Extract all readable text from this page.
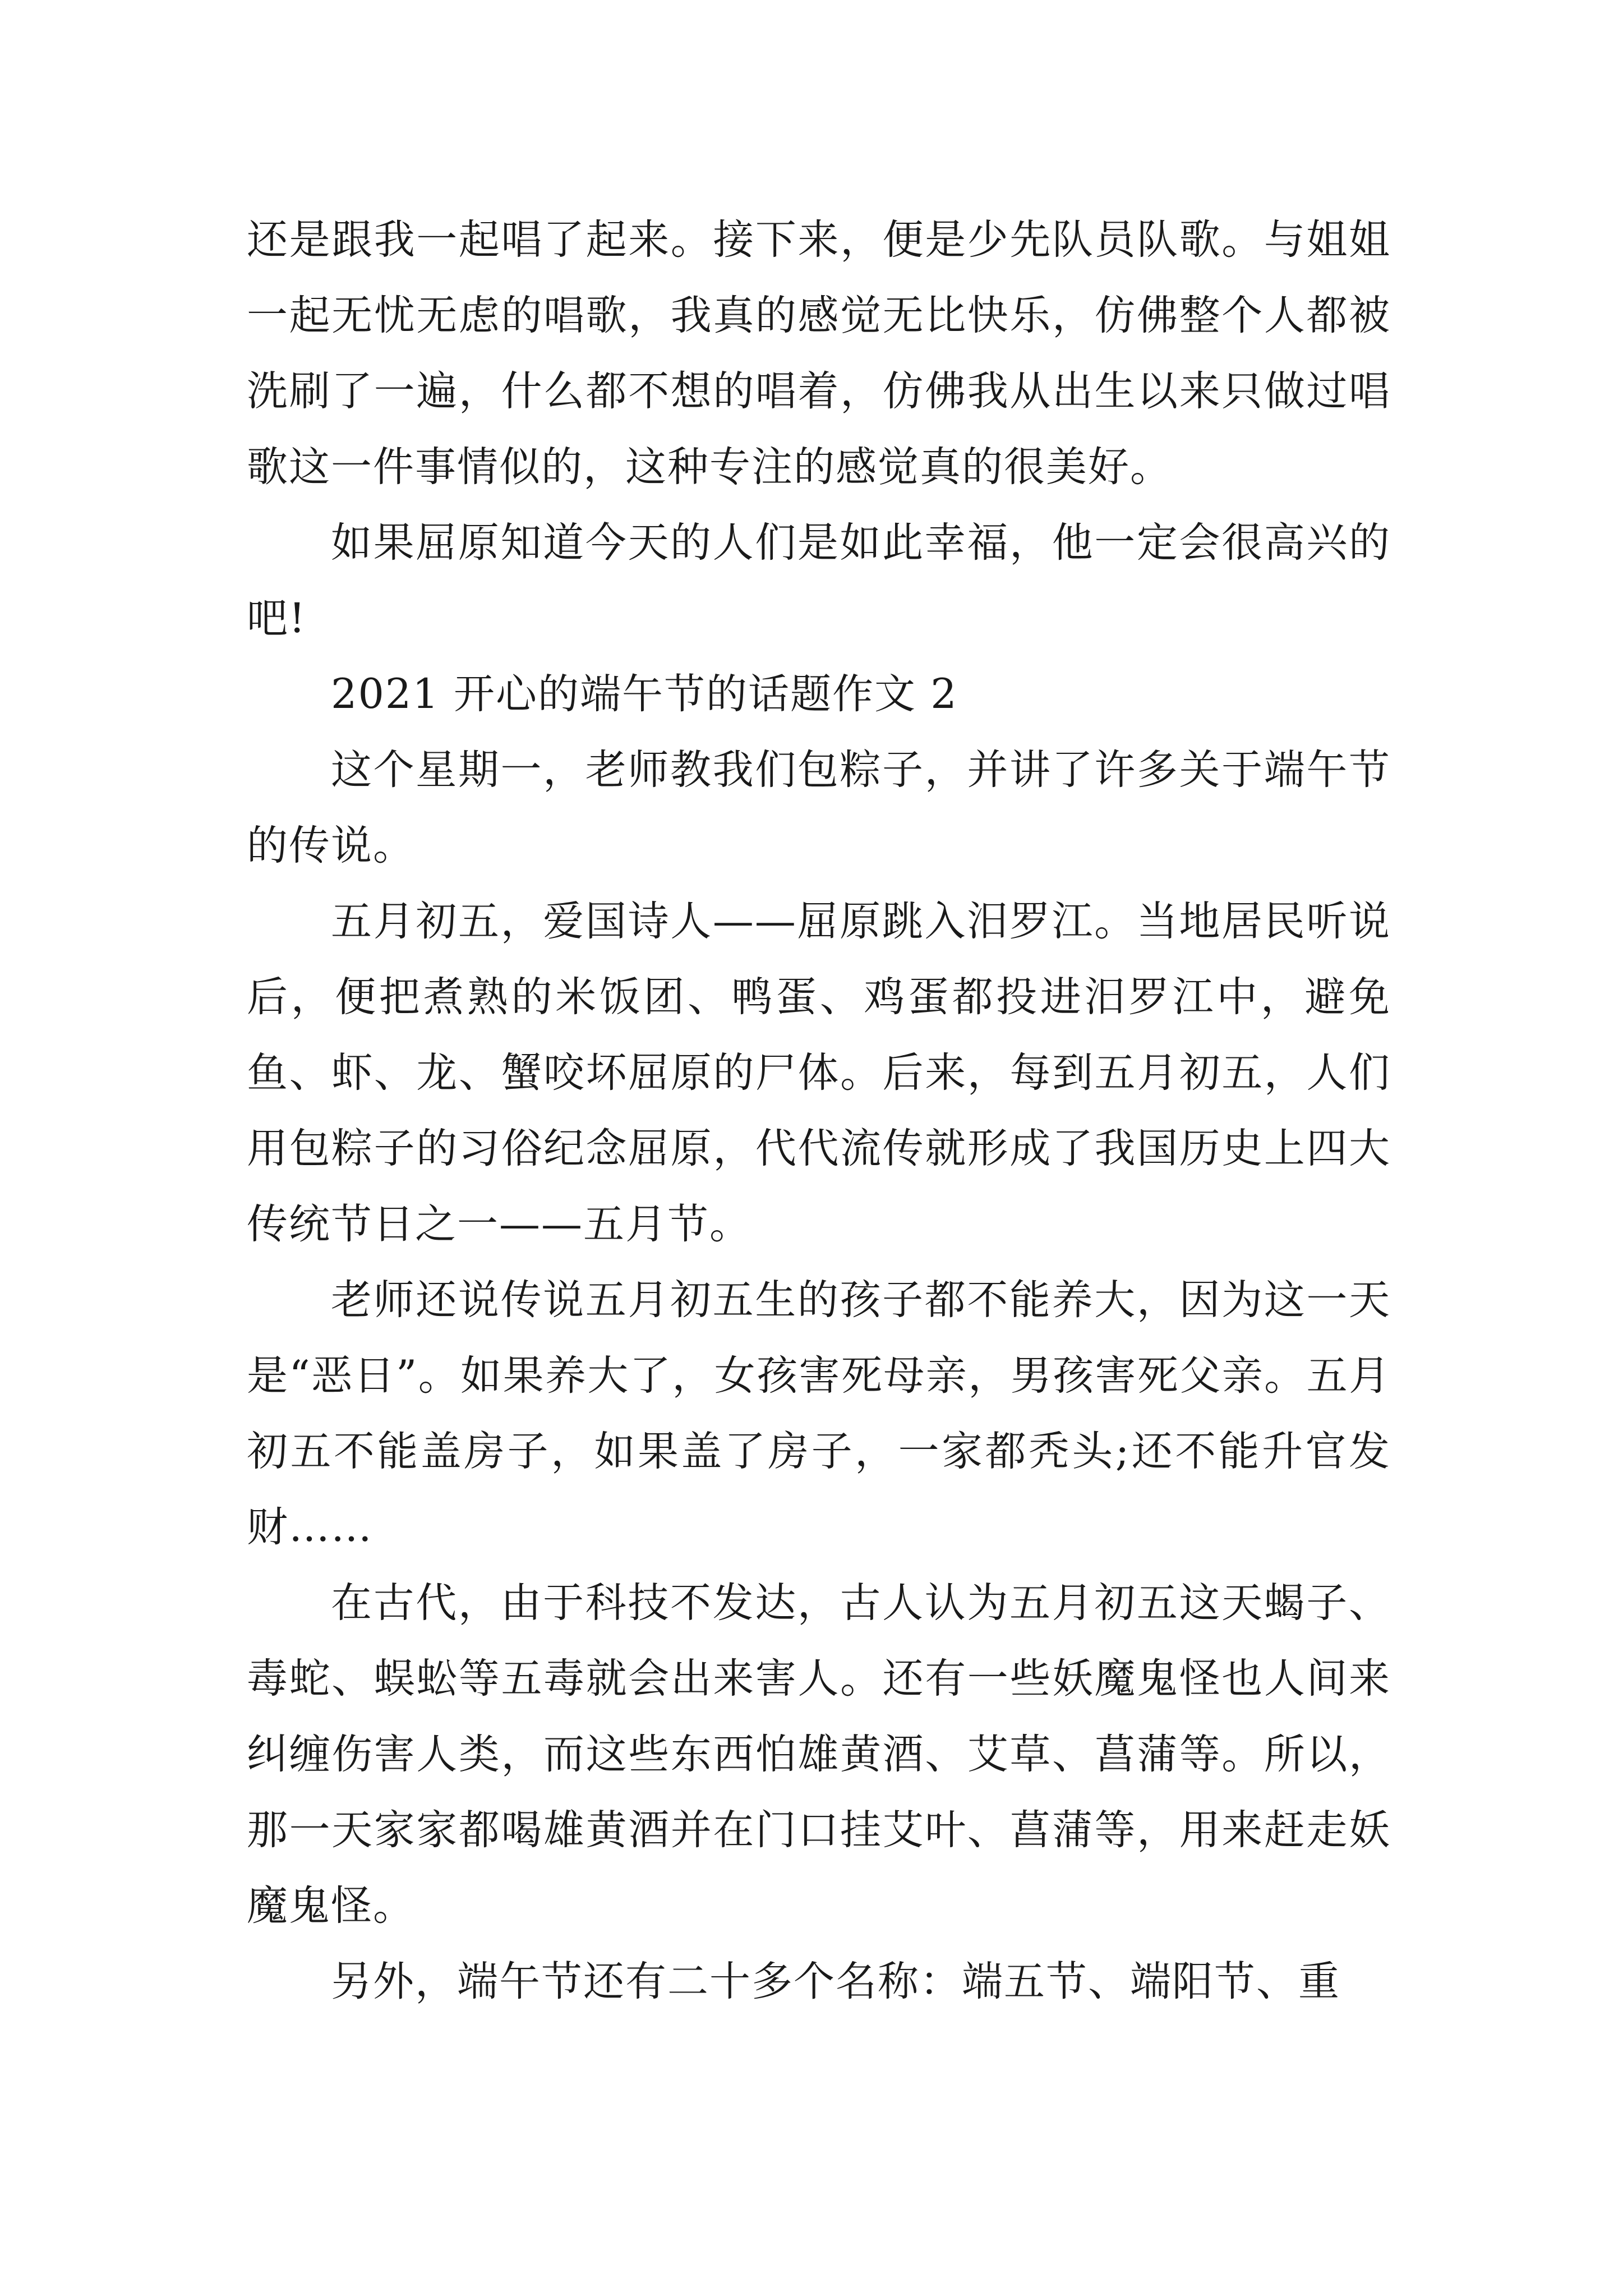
还是跟我一起唱了起来。接下来，便是少先队员队歌。与姐姐一起无忧无虑的唱歌，我真的感觉无比快乐，仿佛整个人都被洗刷了一遍，什么都不想的唱着，仿佛我从出生以来只做过唱歌这一件事情似的，这种专注的感觉真的很美好。

如果屈原知道今天的人们是如此幸福，他一定会很高兴的吧!

2021 开心的端午节的话题作文 2

这个星期一，老师教我们包粽子，并讲了许多关于端午节的传说。

五月初五，爱国诗人——屈原跳入汨罗江。当地居民听说后，便把煮熟的米饭团、鸭蛋、鸡蛋都投进汨罗江中，避免鱼、虾、龙、蟹咬坏屈原的尸体。后来，每到五月初五，人们用包粽子的习俗纪念屈原，代代流传就形成了我国历史上四大传统节日之一——五月节。

老师还说传说五月初五生的孩子都不能养大，因为这一天是“恶日”。如果养大了，女孩害死母亲，男孩害死父亲。五月初五不能盖房子，如果盖了房子，一家都秃头;还不能升官发财……

在古代，由于科技不发达，古人认为五月初五这天蝎子、毒蛇、蜈蚣等五毒就会出来害人。还有一些妖魔鬼怪也人间来纠缠伤害人类，而这些东西怕雄黄酒、艾草、菖蒲等。所以，那一天家家都喝雄黄酒并在门口挂艾叶、菖蒲等，用来赶走妖魔鬼怪。

另外，端午节还有二十多个名称：端五节、端阳节、重
